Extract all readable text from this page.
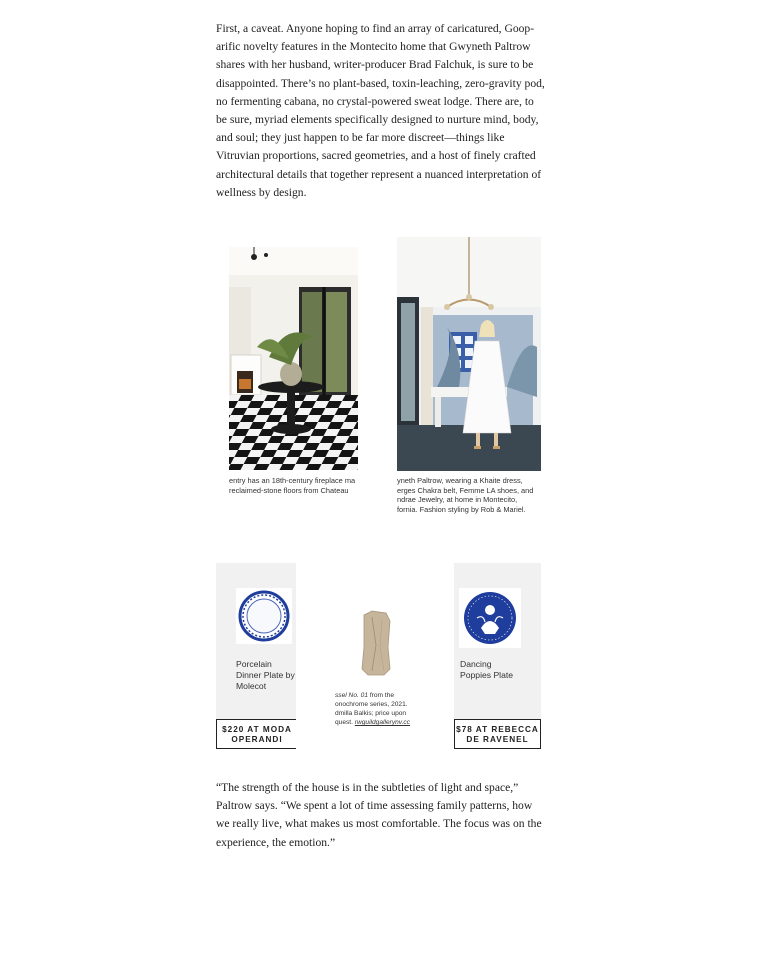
First, a caveat. Anyone hoping to find an array of caricatured, Goop-arific novelty features in the Montecito home that Gwyneth Paltrow shares with her husband, writer-producer Brad Falchuk, is sure to be disappointed. There’s no plant-based, toxin-leaching, zero-gravity pod, no fermenting cabana, no crystal-powered sweat lodge. There are, to be sure, myriad elements specifically designed to nurture mind, body, and soul; they just happen to be far more discreet—things like Vitruvian proportions, sacred geometries, and a host of finely crafted architectural details that together represent a nuanced interpretation of wellness by design.

entry has an 18th-century fireplace ma
reclaimed-stone floors from Chateau
yneth Paltrow, wearing a Khaite dress,
erges Chakra belt, Femme LA shoes, and
ndrae Jewelry, at home in Montecito,
fornia. Fashion styling by Rob & Mariel.
Porcelain
Dinner Plate by
Molecot
$220 AT MODA
OPERANDI
ssel No. 01 from the
onochrome series, 2021.
dmilla Balkis; price upon
quest. rwguildgallerynv.cc
Dancing
Poppies Plate
$78 AT REBECCA
DE RAVENEL

“The strength of the house is in the subtleties of light and space,” Paltrow says. “We spent a lot of time assessing family patterns, how we really live, what makes us most comfortable. The focus was on the experience, the emotion.”
